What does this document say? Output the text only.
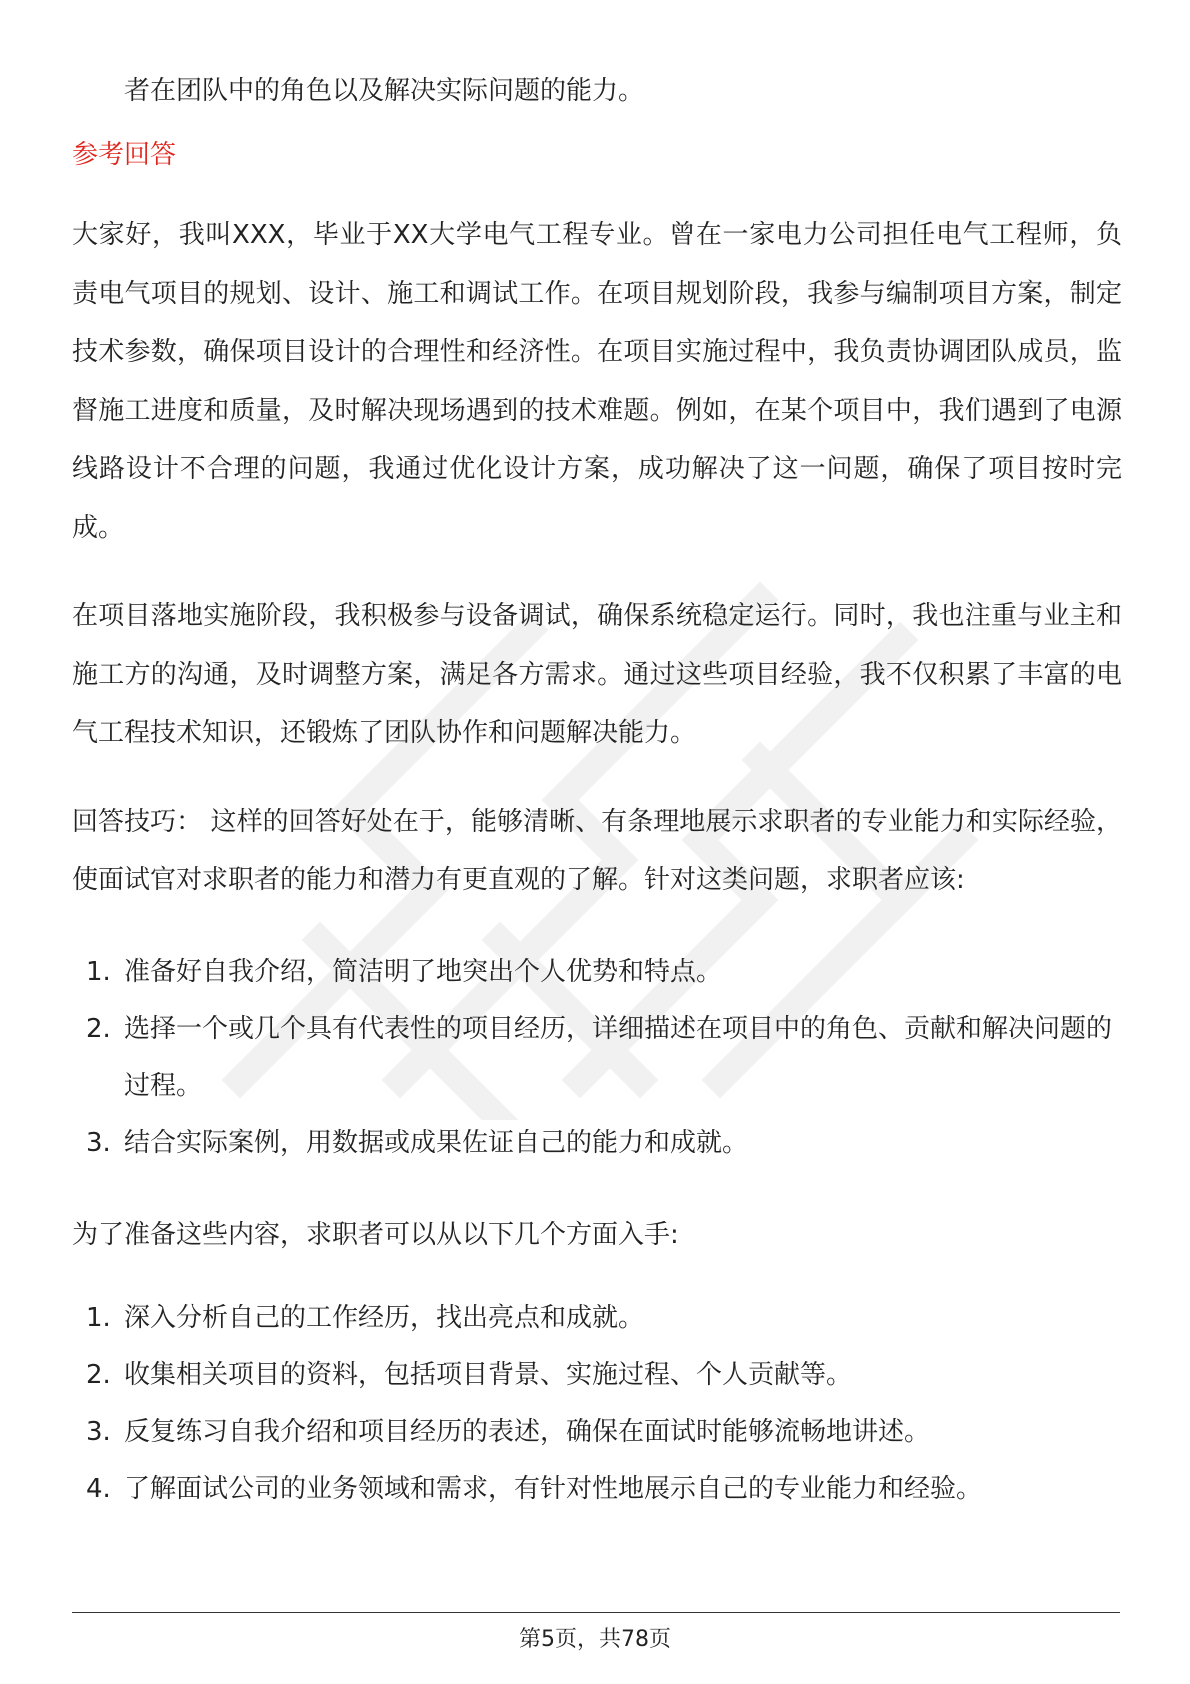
者在团队中的角色以及解决实际问题的能力。

参考回答

大家好，我叫XXX，毕业于XX大学电气工程专业。曾在一家电力公司担任电气工程师，负责电气项目的规划、设计、施工和调试工作。在项目规划阶段，我参与编制项目方案，制定技术参数，确保项目设计的合理性和经济性。在项目实施过程中，我负责协调团队成员，监督施工进度和质量，及时解决现场遇到的技术难题。例如，在某个项目中，我们遇到了电源线路设计不合理的问题，我通过优化设计方案，成功解决了这一问题，确保了项目按时完成。

在项目落地实施阶段，我积极参与设备调试，确保系统稳定运行。同时，我也注重与业主和施工方的沟通，及时调整方案，满足各方需求。通过这些项目经验，我不仅积累了丰富的电气工程技术知识，还锻炼了团队协作和问题解决能力。

回答技巧： 这样的回答好处在于，能够清晰、有条理地展示求职者的专业能力和实际经验，使面试官对求职者的能力和潜力有更直观的了解。针对这类问题，求职者应该:

1. 准备好自我介绍，简洁明了地突出个人优势和特点。
2. 选择一个或几个具有代表性的项目经历，详细描述在项目中的角色、贡献和解决问题的过程。
3. 结合实际案例，用数据或成果佐证自己的能力和成就。

为了准备这些内容，求职者可以从以下几个方面入手:

1. 深入分析自己的工作经历，找出亮点和成就。
2. 收集相关项目的资料，包括项目背景、实施过程、个人贡献等。
3. 反复练习自我介绍和项目经历的表述，确保在面试时能够流畅地讲述。
4. 了解面试公司的业务领域和需求，有针对性地展示自己的专业能力和经验。
第5页，共78页
